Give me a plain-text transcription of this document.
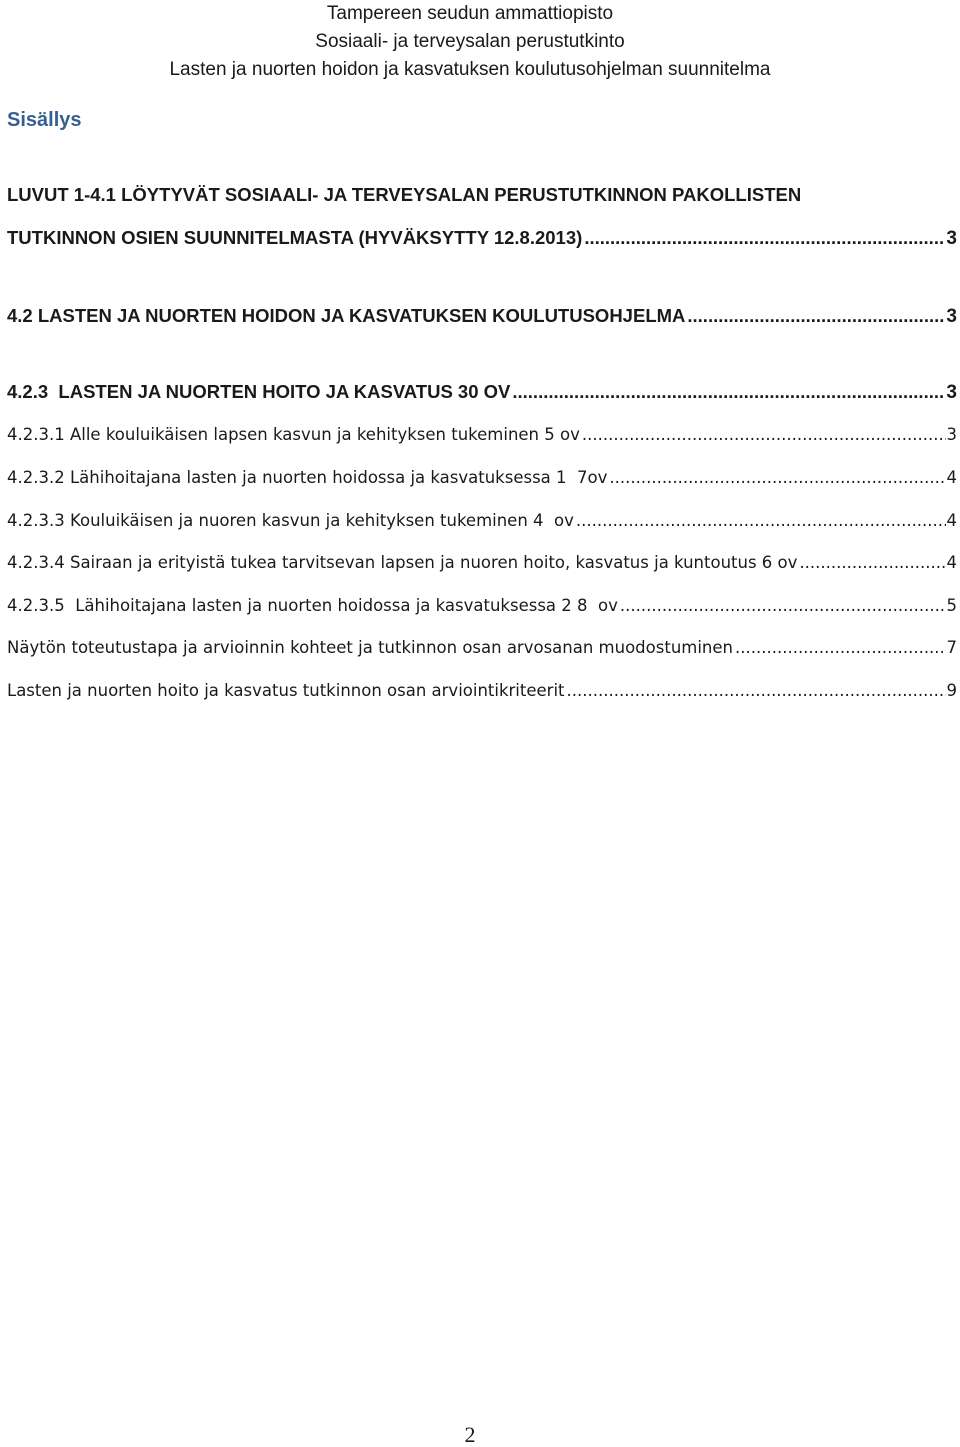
Tampereen seudun ammattiopisto
Sosiaali- ja terveysalan perustutkinto
Lasten ja nuorten hoidon ja kasvatuksen koulutusohjelman suunnitelma
Sisällys
LUVUT 1-4.1 LÖYTYVÄT SOSIAALI- JA TERVEYSALAN PERUSTUTKINNON PAKOLLISTEN
TUTKINNON OSIEN SUUNNITELMASTA (HYVÄKSYTTY 12.8.2013) .....	3
4.2 LASTEN JA NUORTEN HOIDON JA KASVATUKSEN KOULUTUSOHJELMA .....	3
4.2.3  LASTEN JA NUORTEN HOITO JA KASVATUS 30 OV .....	3
4.2.3.1 Alle kouluikäisen lapsen kasvun ja kehityksen tukeminen 5 ov .....	3
4.2.3.2 Lähihoitajana lasten ja nuorten hoidossa ja kasvatuksessa 1  7ov .....	4
4.2.3.3 Kouluikäisen ja nuoren kasvun ja kehityksen tukeminen 4  ov .....	4
4.2.3.4 Sairaan ja erityistä tukea tarvitsevan lapsen ja nuoren hoito, kasvatus ja kuntoutus 6 ov .....	4
4.2.3.5  Lähihoitajana lasten ja nuorten hoidossa ja kasvatuksessa 2 8  ov .....	5
Näytön toteutustapa ja arvioinnin kohteet ja tutkinnon osan arvosanan muodostuminen .....	7
Lasten ja nuorten hoito ja kasvatus tutkinnon osan arviointikriteerit .....	9
2
